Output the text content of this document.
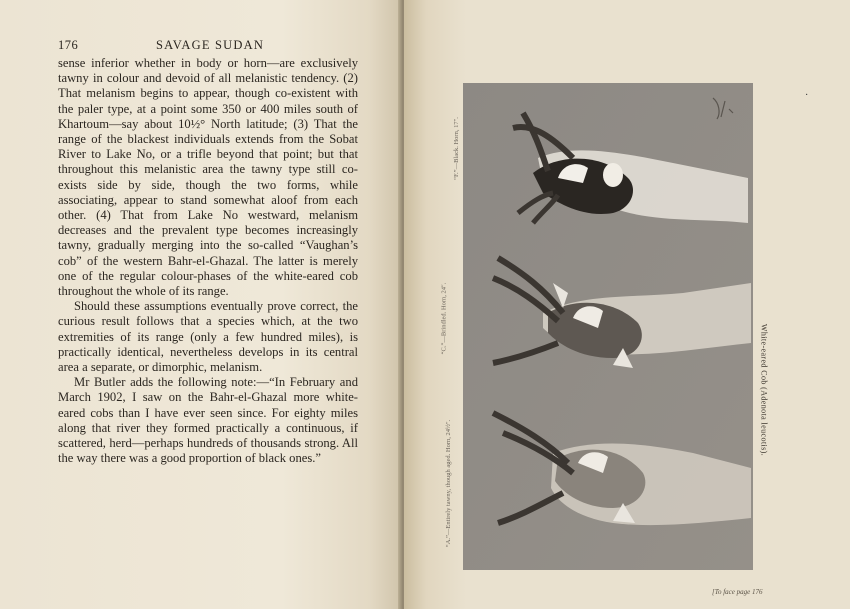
176	SAVAGE SUDAN

sense inferior whether in body or horn—are exclusively tawny in colour and devoid of all melanistic tendency. (2) That melanism begins to appear, though co-existent with the paler type, at a point some 350 or 400 miles south of Khartoum—say about 10½° North latitude; (3) That the range of the blackest individuals extends from the Sobat River to Lake No, or a trifle beyond that point; but that throughout this melanistic area the tawny type still co-exists side by side, though the two forms, while associating, appear to stand somewhat aloof from each other. (4) That from Lake No westward, melanism decreases and the prevalent type becomes increasingly tawny, gradually merging into the so-called “Vaughan’s cob” of the western Bahr-el-Ghazal. The latter is merely one of the regular colour-phases of the white-eared cob throughout the whole of its range.

Should these assumptions eventually prove correct, the curious result follows that a species which, at the two extremities of its range (only a few hundred miles), is practically identical, nevertheless develops in its central area a separate, or dimorphic, melanism.

Mr Butler adds the following note:—“In February and March 1902, I saw on the Bahr-el-Ghazal more white-eared cobs than I have ever seen since. For eighty miles along that river they formed practically a continuous, if scattered, herd—perhaps hundreds of thousands strong. All the way there was a good proportion of black ones.”	“A.”—Entirely tawny, though aged. Horn, 24½″.
“C.”—Brindled. Horn, 24″.
“F.”—Black. Horn, 17″.
White-eared Cob (Adenota leucotis).
·
[To face page 176
